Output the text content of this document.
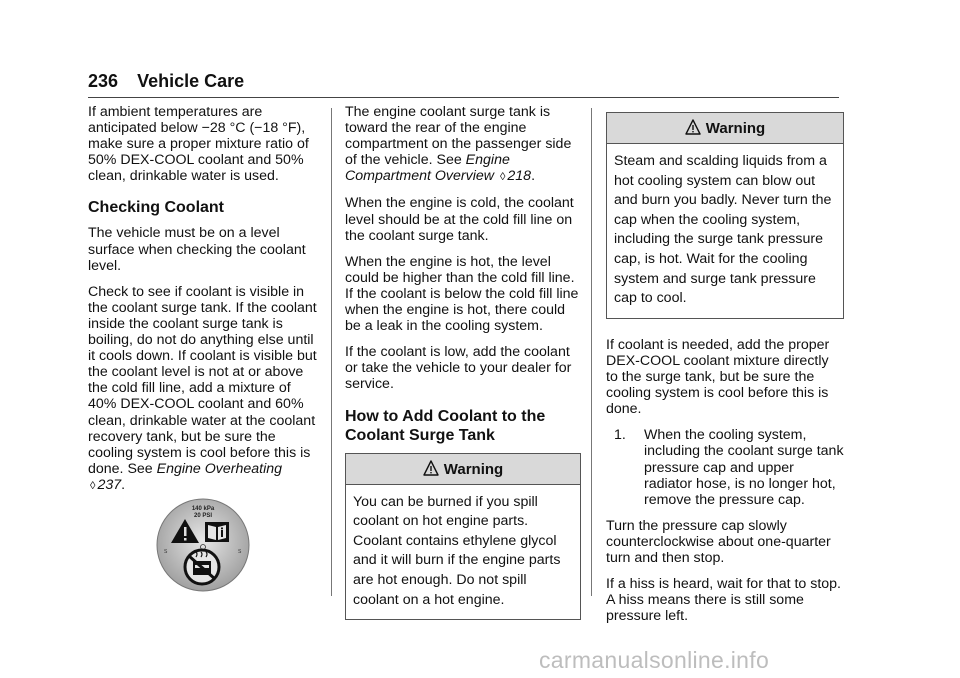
236 Vehicle Care

If ambient temperatures are anticipated below −28 °C (−18 °F), make sure a proper mixture ratio of 50% DEX-COOL coolant and 50% clean, drinkable water is used.

Checking Coolant

The vehicle must be on a level surface when checking the coolant level.

Check to see if coolant is visible in the coolant surge tank. If the coolant inside the coolant surge tank is boiling, do not do anything else until it cools down. If coolant is visible but the coolant level is not at or above the cold fill line, add a mixture of 40% DEX-COOL coolant and 60% clean, drinkable water at the coolant recovery tank, but be sure the cooling system is cool before this is done. See Engine Overheating ◊ 237.

140 kPa
20 PSI
S	S

The engine coolant surge tank is toward the rear of the engine compartment on the passenger side of the vehicle. See Engine Compartment Overview ◊ 218.

When the engine is cold, the coolant level should be at the cold fill line on the coolant surge tank.

When the engine is hot, the level could be higher than the cold fill line. If the coolant is below the cold fill line when the engine is hot, there could be a leak in the cooling system.

If the coolant is low, add the coolant or take the vehicle to your dealer for service.

How to Add Coolant to the Coolant Surge Tank
Warning
You can be burned if you spill coolant on hot engine parts. Coolant contains ethylene glycol and it will burn if the engine parts are hot enough. Do not spill coolant on a hot engine.
Warning
Steam and scalding liquids from a hot cooling system can blow out and burn you badly. Never turn the cap when the cooling system, including the surge tank pressure cap, is hot. Wait for the cooling system and surge tank pressure cap to cool.

If coolant is needed, add the proper DEX-COOL coolant mixture directly to the surge tank, but be sure the cooling system is cool before this is done.

1. When the cooling system, including the coolant surge tank pressure cap and upper radiator hose, is no longer hot, remove the pressure cap.

Turn the pressure cap slowly counterclockwise about one-quarter turn and then stop.

If a hiss is heard, wait for that to stop. A hiss means there is still some pressure left.

carmanualsonline.info
